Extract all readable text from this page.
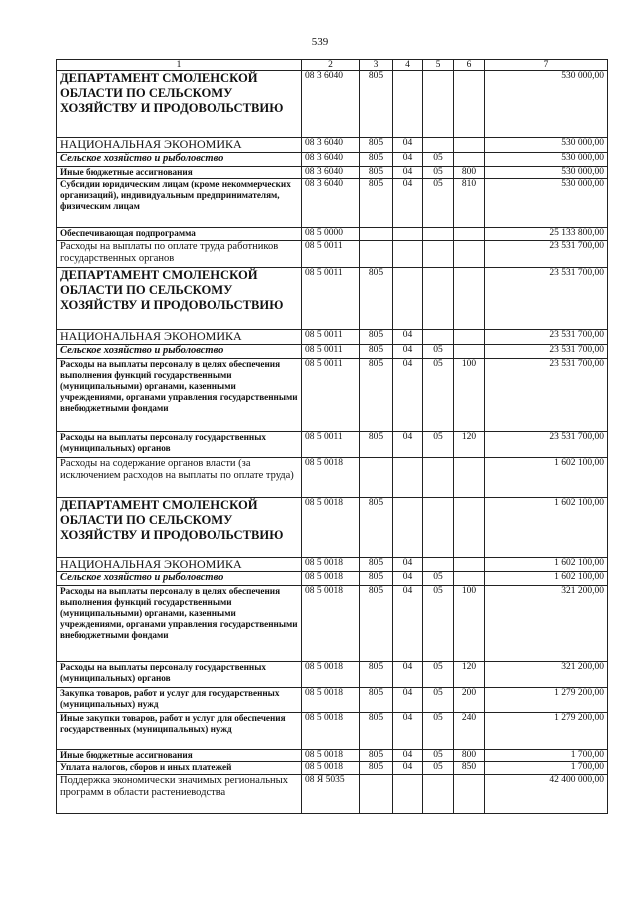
539
1	2	3	4	5	6	7
ДЕПАРТАМЕНТ СМОЛЕНСКОЙ ОБЛАСТИ ПО СЕЛЬСКОМУ ХОЗЯЙСТВУ И ПРОДОВОЛЬСТВИЮ	08 3 6040	805				530 000,00
НАЦИОНАЛЬНАЯ ЭКОНОМИКА	08 3 6040	805	04			530 000,00
Сельское хозяйство и рыболовство	08 3 6040	805	04	05		530 000,00
Иные бюджетные ассигнования	08 3 6040	805	04	05	800	530 000,00
Субсидии юридическим лицам (кроме некоммерческих организаций), индивидуальным предпринимателям, физическим лицам	08 3 6040	805	04	05	810	530 000,00
Обеспечивающая подпрограмма	08 5 0000					25 133 800,00
Расходы на выплаты по оплате труда работников государственных органов	08 5 0011					23 531 700,00
ДЕПАРТАМЕНТ СМОЛЕНСКОЙ ОБЛАСТИ ПО СЕЛЬСКОМУ ХОЗЯЙСТВУ И ПРОДОВОЛЬСТВИЮ	08 5 0011	805				23 531 700,00
НАЦИОНАЛЬНАЯ ЭКОНОМИКА	08 5 0011	805	04			23 531 700,00
Сельское хозяйство и рыболовство	08 5 0011	805	04	05		23 531 700,00
Расходы на выплаты персоналу в целях обеспечения выполнения функций государственными (муниципальными) органами, казенными учреждениями, органами управления государственными внебюджетными фондами	08 5 0011	805	04	05	100	23 531 700,00
Расходы на выплаты персоналу государственных (муниципальных) органов	08 5 0011	805	04	05	120	23 531 700,00
Расходы на содержание органов власти (за исключением расходов на выплаты по оплате труда)	08 5 0018					1 602 100,00
ДЕПАРТАМЕНТ СМОЛЕНСКОЙ ОБЛАСТИ ПО СЕЛЬСКОМУ ХОЗЯЙСТВУ И ПРОДОВОЛЬСТВИЮ	08 5 0018	805				1 602 100,00
НАЦИОНАЛЬНАЯ ЭКОНОМИКА	08 5 0018	805	04			1 602 100,00
Сельское хозяйство и рыболовство	08 5 0018	805	04	05		1 602 100,00
Расходы на выплаты персоналу в целях обеспечения выполнения функций государственными (муниципальными) органами, казенными учреждениями, органами управления государственными внебюджетными фондами	08 5 0018	805	04	05	100	321 200,00
Расходы на выплаты персоналу государственных (муниципальных) органов	08 5 0018	805	04	05	120	321 200,00
Закупка товаров, работ и услуг для государственных (муниципальных) нужд	08 5 0018	805	04	05	200	1 279 200,00
Иные закупки товаров, работ и услуг для обеспечения государственных (муниципальных) нужд	08 5 0018	805	04	05	240	1 279 200,00
Иные бюджетные ассигнования	08 5 0018	805	04	05	800	1 700,00
Уплата налогов, сборов и иных платежей	08 5 0018	805	04	05	850	1 700,00
Поддержка экономически значимых региональных программ в области растениеводства	08 Я 5035					42 400 000,00
